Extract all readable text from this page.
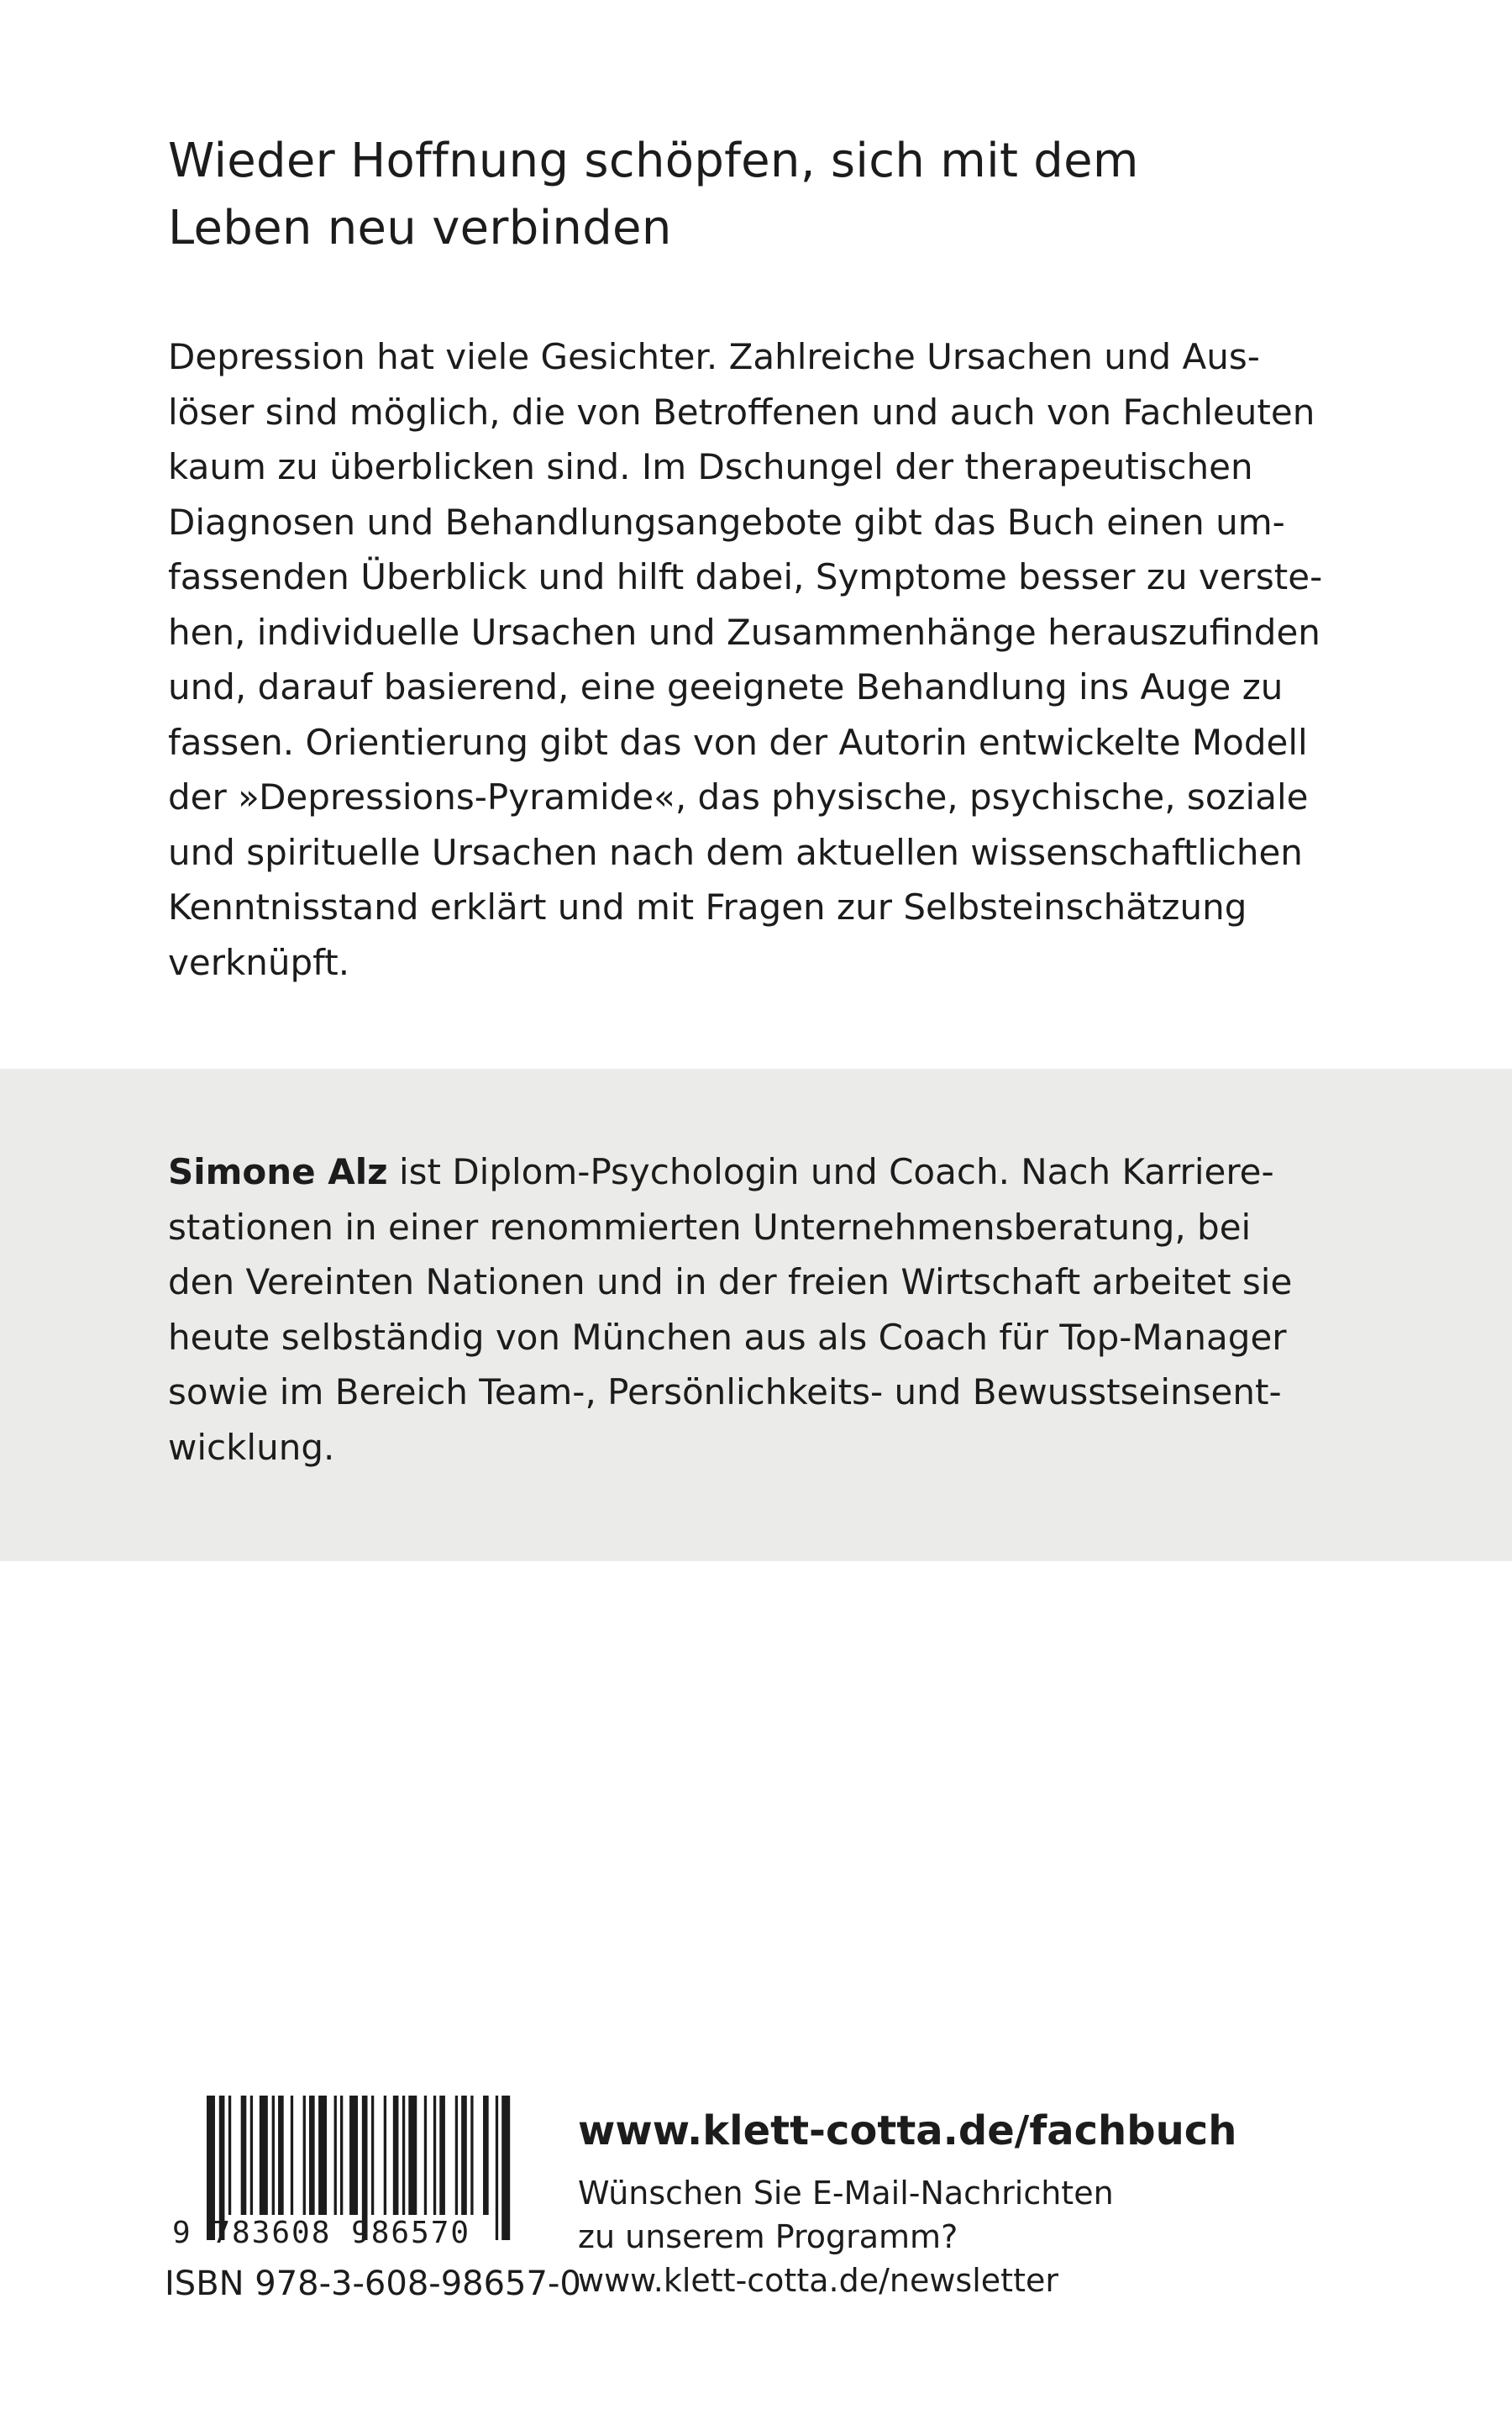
Wieder Hoffnung schöpfen, sich mit dem
Leben neu verbinden

Depression hat viele Gesichter. Zahlreiche Ursachen und Aus-
löser sind möglich, die von Betroffenen und auch von Fachleuten
kaum zu überblicken sind. Im Dschungel der therapeutischen
Diagnosen und Behandlungsangebote gibt das Buch einen um-
fassenden Überblick und hilft dabei, Symptome besser zu verste-
hen, individuelle Ursachen und Zusammenhänge herauszufinden
und, darauf basierend, eine geeignete Behandlung ins Auge zu
fassen. Orientierung gibt das von der Autorin entwickelte Modell
der »Depressions-Pyramide«, das physische, psychische, soziale
und spirituelle Ursachen nach dem aktuellen wissenschaftlichen
Kenntnisstand erklärt und mit Fragen zur Selbsteinschätzung
verknüpft.

Simone Alz ist Diplom-Psychologin und Coach. Nach Karriere-
stationen in einer renommierten Unternehmensberatung, bei
den Vereinten Nationen und in der freien Wirtschaft arbeitet sie
heute selbständig von München aus als Coach für Top-Manager
sowie im Bereich Team-, Persönlichkeits- und Bewusstseinsent-
wicklung.

9 783608 986570
ISBN 978-3-608-98657-0
www.klett-cotta.de/fachbuch
Wünschen Sie E-Mail-Nachrichten
zu unserem Programm?
www.klett-cotta.de/newsletter
